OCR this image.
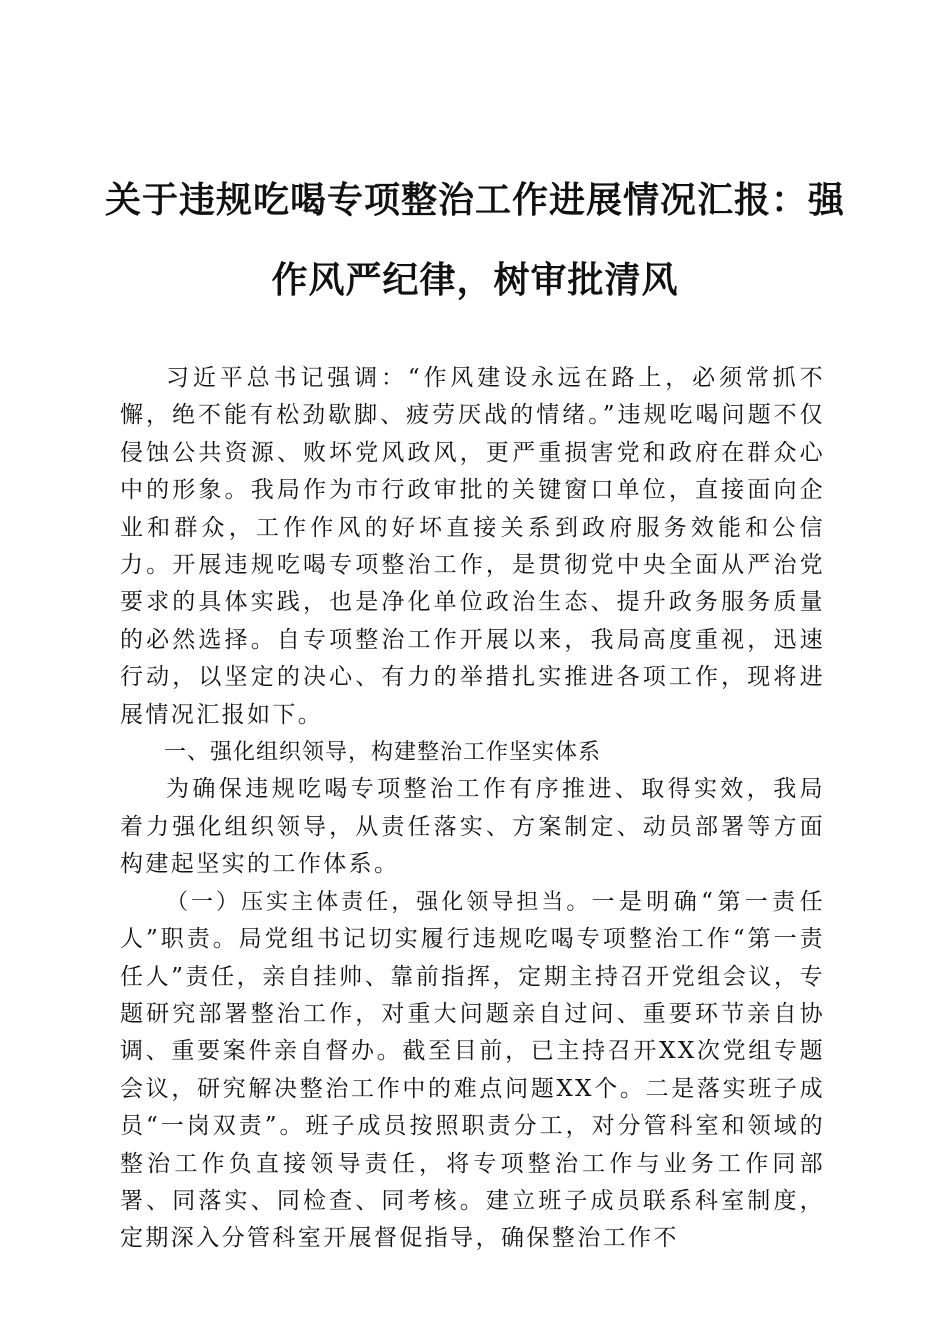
关于违规吃喝专项整治工作进展情况汇报：强
作风严纪律，树审批清风

习近平总书记强调：“作风建设永远在路上，必须常抓不懈，绝不能有松劲歇脚、疲劳厌战的情绪。”违规吃喝问题不仅侵蚀公共资源、败坏党风政风，更严重损害党和政府在群众心中的形象。我局作为市行政审批的关键窗口单位，直接面向企业和群众，工作作风的好坏直接关系到政府服务效能和公信力。开展违规吃喝专项整治工作，是贯彻党中央全面从严治党要求的具体实践，也是净化单位政治生态、提升政务服务质量的必然选择。自专项整治工作开展以来，我局高度重视，迅速行动，以坚定的决心、有力的举措扎实推进各项工作，现将进展情况汇报如下。

一、强化组织领导，构建整治工作坚实体系

为确保违规吃喝专项整治工作有序推进、取得实效，我局着力强化组织领导，从责任落实、方案制定、动员部署等方面构建起坚实的工作体系。

（一）压实主体责任，强化领导担当。一是明确“第一责任人”职责。局党组书记切实履行违规吃喝专项整治工作“第一责任人”责任，亲自挂帅、靠前指挥，定期主持召开党组会议，专题研究部署整治工作，对重大问题亲自过问、重要环节亲自协调、重要案件亲自督办。截至目前，已主持召开XX次党组专题会议，研究解决整治工作中的难点问题XX个。二是落实班子成员“一岗双责”。班子成员按照职责分工，对分管科室和领域的整治工作负直接领导责任，将专项整治工作与业务工作同部署、同落实、同检查、同考核。建立班子成员联系科室制度，定期深入分管科室开展督促指导，确保整治工作不
